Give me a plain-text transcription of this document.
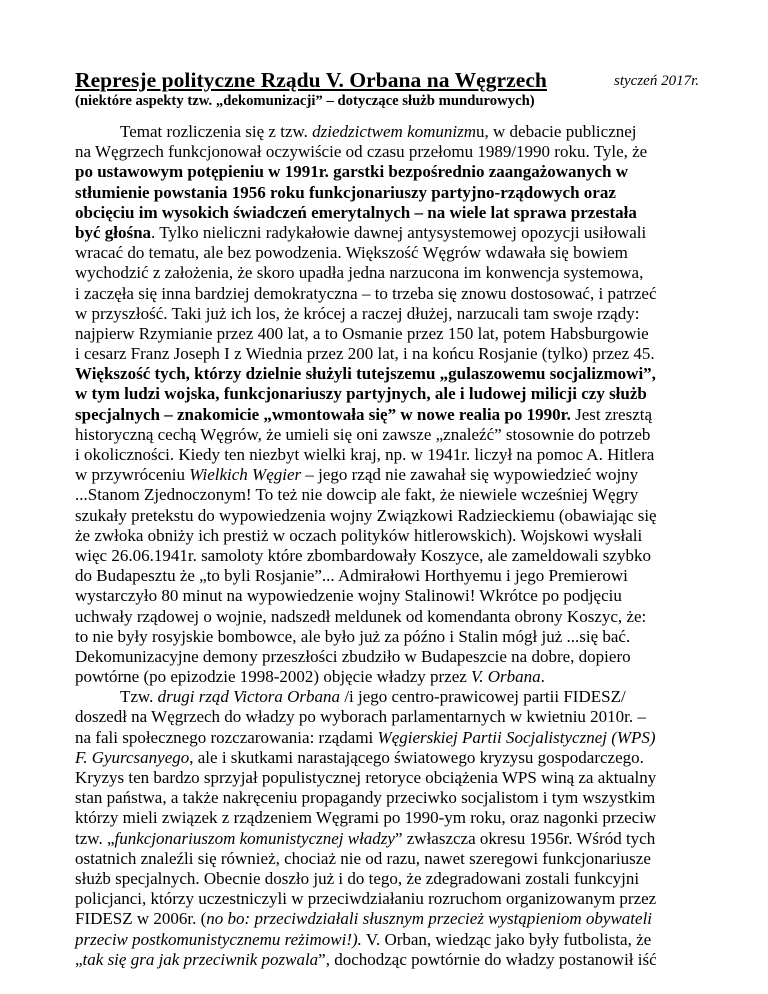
Represje polityczne Rządu V. Orbana na Węgrzech	styczeń 2017r.
(niektóre aspekty tzw. „dekomunizacji” – dotyczące służb mundurowych)
Temat rozliczenia się z tzw. dziedzictwem komunizmu, w debacie publicznej
na Węgrzech funkcjonował oczywiście od czasu przełomu 1989/1990 roku. Tyle, że
po ustawowym potępieniu w 1991r. garstki bezpośrednio zaangażowanych w
stłumienie powstania 1956 roku funkcjonariuszy partyjno-rządowych oraz
obcięciu im wysokich świadczeń emerytalnych – na wiele lat sprawa przestała
być głośna. Tylko nieliczni radykałowie dawnej antysystemowej opozycji usiłowali
wracać do tematu, ale bez powodzenia. Większość Węgrów wdawała się bowiem
wychodzić z założenia, że skoro upadła jedna narzucona im konwencja systemowa,
i zaczęła się inna bardziej demokratyczna – to trzeba się znowu dostosować, i patrzeć
w przyszłość. Taki już ich los, że krócej a raczej dłużej, narzucali tam swoje rządy:
najpierw Rzymianie przez 400 lat, a to Osmanie przez 150 lat, potem Habsburgowie
i cesarz Franz Joseph I z Wiednia przez 200 lat, i na końcu Rosjanie (tylko) przez 45.
Większość tych, którzy dzielnie służyli tutejszemu „gulaszowemu socjalizmowi”,
w tym ludzi wojska, funkcjonariuszy partyjnych, ale i ludowej milicji czy służb
specjalnych – znakomicie „wmontowała się” w nowe realia po 1990r. Jest zresztą
historyczną cechą Węgrów, że umieli się oni zawsze „znaleźć” stosownie do potrzeb
i okoliczności. Kiedy ten niezbyt wielki kraj, np. w 1941r. liczył na pomoc A. Hitlera
w przywróceniu Wielkich Węgier – jego rząd nie zawahał się wypowiedzieć wojny
...Stanom Zjednoczonym! To też nie dowcip ale fakt, że niewiele wcześniej Węgry
szukały pretekstu do wypowiedzenia wojny Związkowi Radzieckiemu (obawiając się
że zwłoka obniży ich prestiż w oczach polityków hitlerowskich). Wojskowi wysłali
więc 26.06.1941r. samoloty które zbombardowały Koszyce, ale zameldowali szybko
do Budapesztu że „to byli Rosjanie”... Admirałowi Horthyemu i jego Premierowi
wystarczyło 80 minut na wypowiedzenie wojny Stalinowi! Wkrótce po podjęciu
uchwały rządowej o wojnie, nadszedł meldunek od komendanta obrony Koszyc, że:
to nie były rosyjskie bombowce, ale było już za późno i Stalin mógł już ...się bać.
Dekomunizacyjne demony przeszłości zbudziło w Budapeszcie na dobre, dopiero
powtórne (po epizodzie 1998-2002) objęcie władzy przez V. Orbana.
Tzw. drugi rząd Victora Orbana /i jego centro-prawicowej partii FIDESZ/
doszedł na Węgrzech do władzy po wyborach parlamentarnych w kwietniu 2010r. –
na fali społecznego rozczarowania: rządami Węgierskiej Partii Socjalistycznej (WPS)
F. Gyurcsanyego, ale i skutkami narastającego światowego kryzysu gospodarczego.
Kryzys ten bardzo sprzyjał populistycznej retoryce obciążenia WPS winą za aktualny
stan państwa, a także nakręceniu propagandy przeciwko socjalistom i tym wszystkim
którzy mieli związek z rządzeniem Węgrami po 1990-ym roku, oraz nagonki przeciw
tzw. „funkcjonariuszom komunistycznej władzy” zwłaszcza okresu 1956r. Wśród tych
ostatnich znaleźli się również, chociaż nie od razu, nawet szeregowi funkcjonariusze
służb specjalnych. Obecnie doszło już i do tego, że zdegradowani zostali funkcyjni
policjanci, którzy uczestniczyli w przeciwdziałaniu rozruchom organizowanym przez
FIDESZ w 2006r. (no bo: przeciwdziałali słusznym przecież wystąpieniom obywateli
przeciw postkomunistycznemu reżimowi!). V. Orban, wiedząc jako były futbolista, że
„tak się gra jak przeciwnik pozwala”, dochodząc powtórnie do władzy postanowił iść
